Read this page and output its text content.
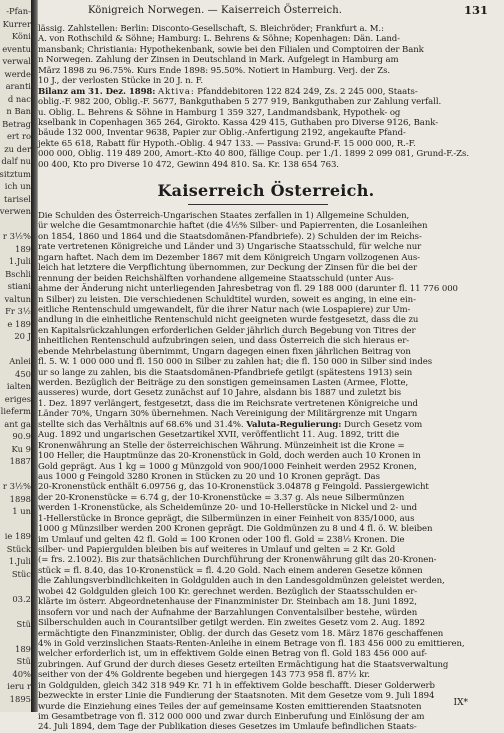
-Pfan-
Kurrer
Köni
eventu
verwal
werde
aranti
d nac
n Ban
Betrag
ert ro
zu der
dalf nu
sitztum
ich un
tarisel
verwen
r 3½%
189
1.Juli
Bschli
stiani
valtun
Fr 3½
e 189
20 J
Anlei
450
ialten
eriges
lieferm
ant ga
90.9
Ku 9
1887
r 3½%
1898
1 un
ie 189
Stück
1.Juli
Stüc
03.2
Stü
189
Stü
40%
ieru r
1895
Königreich Norwegen. — Kaiserreich Österreich.	131
lässig. Zahlstellen: Berlin: Disconto-Gesellschaft, S. Bleichröder; Frankfurt a. M.:
A. von Rothschild & Söhne; Hamburg: L. Behrens & Söhne; Kopenhagen: Dän. Land-
mansbank; Christiania: Hypothekenbank, sowie bei den Filialen und Comptoiren der Bank
n Norwegen. Zahlung der Zinsen in Deutschland in Mark. Aufgelegt in Hamburg am
März 1898 zu 96.75%. Kurs Ende 1898: 95.50%. Notiert in Hamburg. Verj. der Zs.
10 J., der verlosten Stücke in 20 J. n. F.
Bilanz am 31. Dez. 1898: Aktiva: Pfanddebitoren 122 824 249, Zs. 2 245 000, Staats-
oblig.-F. 982 200, Oblig.-F. 5677, Bankguthaben 5 277 919, Bankguthaben zur Zahlung verfall.
u. Oblig. L. Behrens & Söhne in Hamburg 1 359 327, Landmandsbank, Hypothek- og
kselbank in Copenhagen 365 264, Girokto. Kassa 429 415, Guthaben pro Diverse 9126, Bank-
bäude 132 000, Inventar 9638, Papier zur Oblig.-Anfertigung 2192, angekaufte Pfand-
jekte 65 618, Rabatt für Hypoth.-Oblig. 4 947 133. — Passiva: Grund-F. 15 000 000, R.-F.
000 000, Oblig. 119 489 200, Amort.-Kto 40 800, fällige Coup. per 1./1. 1899 2 099 081, Grund-F.-Zs.
00 400, Kto pro Diverse 10 472, Gewinn 494 810. Sa. Kr. 138 654 763.
Kaiserreich Österreich.
Die Schulden des Österreich-Ungarischen Staates zerfallen in 1) Allgemeine Schulden,
ür welche die Gesamtmonarchie haftet (die 4⅕% Silber- und Papierrenten, die Losanleihen
on 1854, 1860 und 1864 und die Staatsdomänen-Pfandbriefe). 2) Schulden der im Reichs-
rate vertretenen Königreiche und Länder und 3) Ungarische Staatsschuld, für welche nur
ngarn haftet. Nach dem im Dezember 1867 mit dem Königreich Ungarn vollzogenen Aus-
leich hat letztere die Verpflichtung übernommen, zur Deckung der Zinsen für die bei der
rennung der beiden Reichshälften vorhandene allgemeine Staatsschuld (unter Aus-
ahme der Änderung nicht unterliegenden Jahresbetrag von fl. 29 188 000 (darunter fl. 11 776 000
n Silber) zu leisten. Die verschiedenen Schuldtitel wurden, soweit es anging, in eine ein-
eitliche Rentenschuld umgewandelt, für die ihrer Natur nach (wie Lospapiere) zur Um-
andlung in die einheitliche Rentenschuld nicht geeigneten wurde festgesetzt, dass die zu
en Kapitalsrückzahlungen erforderlichen Gelder jährlich durch Begebung von Titres der
inheitlichen Rentenschuld aufzubringen seien, und dass Österreich die sich hieraus er-
ebende Mehrbelastung übernimmt, Ungarn dagegen einen fixen jährlichen Beitrag von
fl. 5. W. 1 000 000 und fl. 150 000 in Silber zu zahlen hat; die fl. 150 000 in Silber sind indes
ur so lange zu zahlen, bis die Staatsdomänen-Pfandbriefe getilgt (spätestens 1913) sein
werden. Bezüglich der Beiträge zu den sonstigen gemeinsamen Lasten (Armee, Flotte,
ausseres) wurde, dort Gesetz zunächst auf 10 Jahre, alsdann bis 1887 und zuletzt bis
1. Dez. 1897 verlängert, festgesetzt, dass die im Reichsrate vertretenen Königreiche und
Länder 70%, Ungarn 30% übernehmen. Nach Vereinigung der Militärgrenze mit Ungarn
stellte sich das Verhältnis auf 68.6% und 31.4%. Valuta-Regulierung: Durch Gesetz vom
Aug. 1892 und ungarischen Gesetzartikel XVII, veröffentlicht 11. Aug. 1892, tritt die
Kronenwährung an Stelle der österreichischen Währung. Münzeinheit ist die Krone =
100 Heller, die Hauptmünze das 20-Kronenstück in Gold, doch werden auch 10 Kronen in
Gold geprägt. Aus 1 kg = 1000 g Münzgold von 900/1000 Feinheit werden 2952 Kronen,
aus 1000 g Feingold 3280 Kronen in Stücken zu 20 und 10 Kronen geprägt. Das
20-Kronenstück enthält 6.09756 g, das 10-Kronenstück 3.04878 g Feingold. Passiergewicht
der 20-Kronenstücke = 6.74 g, der 10-Kronenstücke = 3.37 g. Als neue Silbermünzen
werden 1-Kronenstücke, als Scheidemünze 20- und 10-Hellerstücke in Nickel und 2- und
1-Hellerstücke in Bronce geprägt, die Silbermünzen in einer Feinheit von 835/1000, aus
1000 g Münzsilber werden 200 Kronen geprägt. Die Goldmünzen zu 8 und 4 fl. ö. W. bleiben
im Umlauf und gelten 42 fl. Gold = 100 Kronen oder 100 fl. Gold = 238⅓ Kronen. Die
silber- und Papiergulden bleiben bis auf weiteres in Umlauf und gelten = 2 Kr. Gold
(= frs. 2.1002). Bis zur thatsächlichen Durchführung der Kronenwährung gilt das 20-Kronen-
stück = fl. 8.40, das 10-Kronenstück = fl. 4.20 Gold. Nach einem anderen Gesetze können
die Zahlungsverbindlichkeiten in Goldgulden auch in den Landesgoldmünzen geleistet werden,
wobei 42 Goldgulden gleich 100 Kr. gerechnet werden. Bezüglich der Staatsschulden er-
klärte im österr. Abgeordnetenhause der Finanzminister Dr. Steinbach am 18. Juni 1892,
insofern vor und nach der Aufnahme der Barzahlungen Conventalsilber bestehe, würden
Silberschulden auch in Courantsilber getilgt werden. Ein zweites Gesetz vom 2. Aug. 1892
ermächtigte den Finanzminister, Oblig. der durch das Gesetz vom 18. März 1876 geschaffenen
4% in Gold verzinslichen Staats-Renten-Anleihe in einem Betrage von fl. 183 456 000 zu emittieren,
welcher erforderlich ist, um in effektivem Golde einen Betrag von fl. Gold 183 456 000 auf-
zubringen. Auf Grund der durch dieses Gesetz erteilten Ermächtigung hat die Staatsverwaltung
seither von der 4% Goldrente begeben und hiergegen 143 773 958 fl. 87½ kr.
in Goldgulden, gleich 342 318 949 Kr. 71 h in effektivem Golde beschafft. Dieser Golderwerb
bezweckte in erster Linie die Fundierung der Staatsnoten. Mit dem Gesetze vom 9. Juli 1894
wurde die Einziehung eines Teiles der auf gemeinsame Kosten emittierenden Staatsnoten
im Gesamtbetrage von fl. 312 000 000 und zwar durch Einberufung und Einlösung der am
24. Juli 1894, dem Tage der Publikation dieses Gesetzes im Umlaufe befindlichen Staats-
IX*
